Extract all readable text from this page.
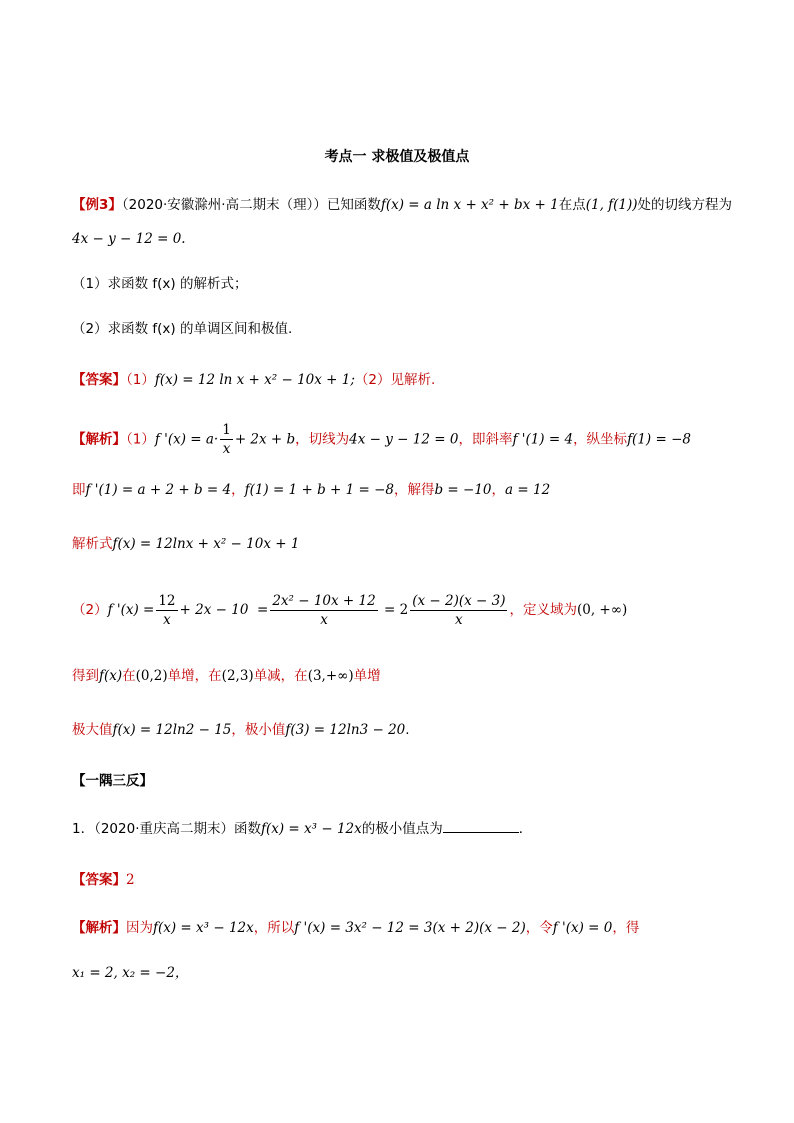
考点一 求极值及极值点
【例3】（2020·安徽滁州·高二期末（理））已知函数f(x) = a ln x + x² + bx + 1在点(1, f(1))处的切线方程为
4x − y − 12 = 0.
（1）求函数 f(x) 的解析式；
（2）求函数 f(x) 的单调区间和极值.
【答案】（1）f(x) = 12 ln x + x² − 10x + 1;（2）见解析.
【解析】（1）f '$(x) = a\cdot \frac{1}{x} + 2x + b$，切线为4x − y − 12 = 0，即斜率f '(1) = 4，纵坐标f(1) = −8
即f '(1) = a + 2 + b = 4，f(1) = 1 + b + 1 = −8，解得b = −10，a = 12
解析式f(x) = 12lnx + x² − 10x + 1
（2）f '$(x) = \frac{12}{x} + 2x - 10 = \frac{\text{2x² − 10x + 12}}{x} = 2 \frac{(x - 2)(x - 3)}{x}$ ，定义域为(0, +∞)
得到f(x)在(0,2)单增，在(2,3)单减，在(3,+∞)单增
极大值f(x) = 12ln2 − 15，极小值f(3) = 12ln3 − 20.
【一隅三反】
1．（2020·重庆高二期末）函数f(x) = x³ − 12x的极小值点为	．
【答案】2
【解析】因为f(x) = x³ − 12x，所以f '(x) = 3x² − 12 = 3(x + 2)(x − 2)，令f '(x) = 0，得
x₁ = 2, x₂ = −2，
